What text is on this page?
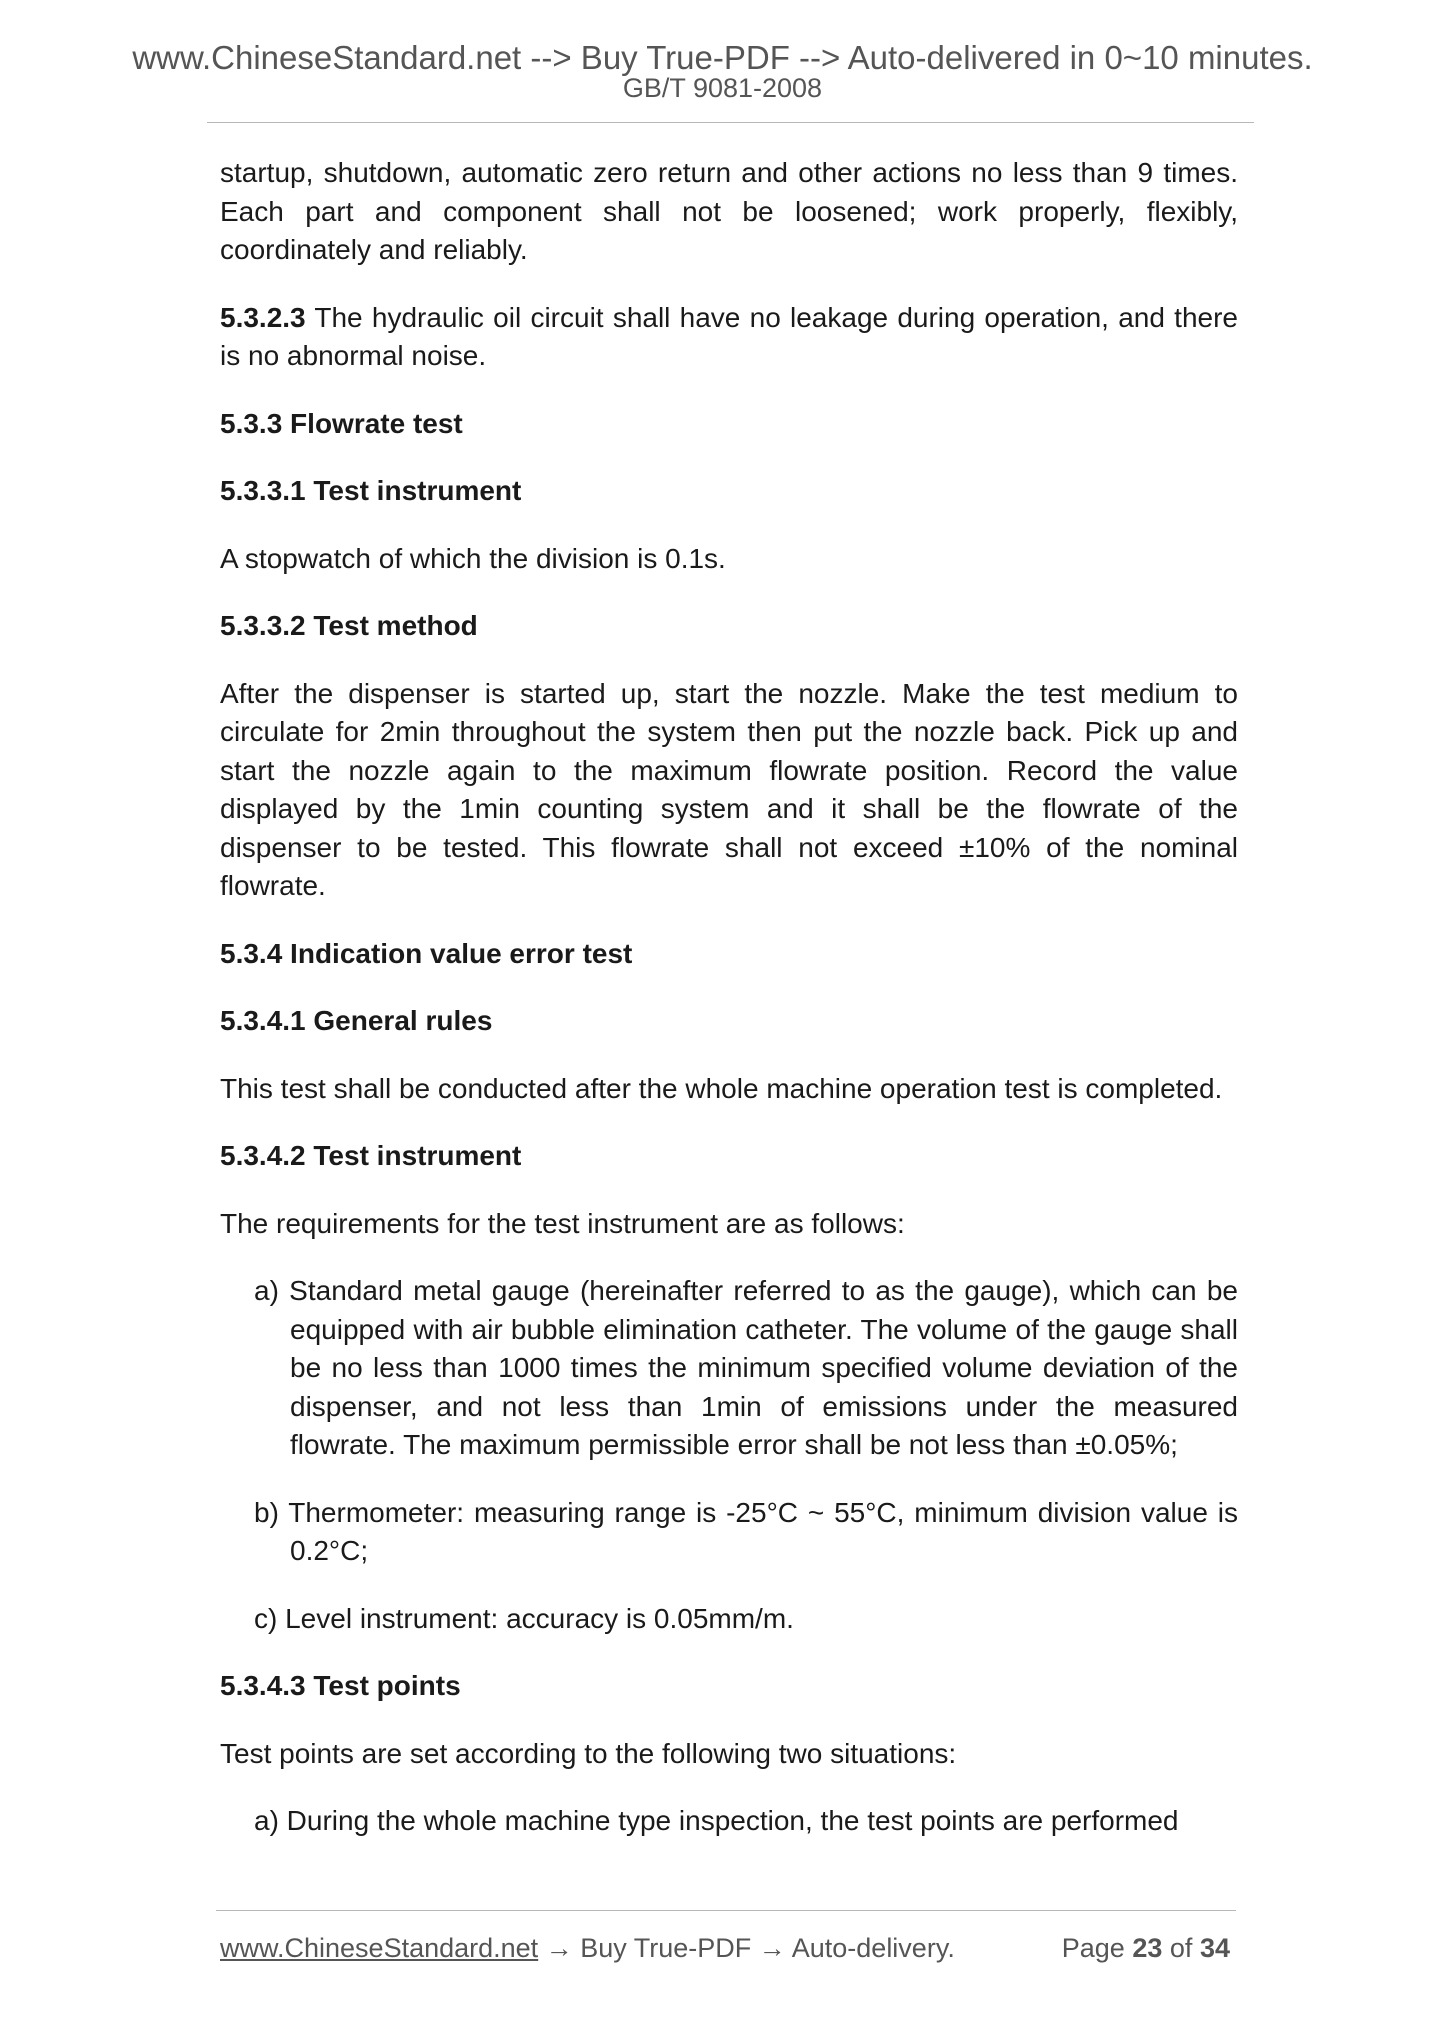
www.ChineseStandard.net --> Buy True-PDF --> Auto-delivered in 0~10 minutes.
GB/T 9081-2008

startup, shutdown, automatic zero return and other actions no less than 9 times. Each part and component shall not be loosened; work properly, flexibly, coordinately and reliably.

5.3.2.3 The hydraulic oil circuit shall have no leakage during operation, and there is no abnormal noise.

5.3.3 Flowrate test
5.3.3.1 Test instrument

A stopwatch of which the division is 0.1s.

5.3.3.2 Test method

After the dispenser is started up, start the nozzle. Make the test medium to circulate for 2min throughout the system then put the nozzle back. Pick up and start the nozzle again to the maximum flowrate position. Record the value displayed by the 1min counting system and it shall be the flowrate of the dispenser to be tested. This flowrate shall not exceed ±10% of the nominal flowrate.

5.3.4 Indication value error test
5.3.4.1 General rules

This test shall be conducted after the whole machine operation test is completed.

5.3.4.2 Test instrument

The requirements for the test instrument are as follows:

a) Standard metal gauge (hereinafter referred to as the gauge), which can be equipped with air bubble elimination catheter. The volume of the gauge shall be no less than 1000 times the minimum specified volume deviation of the dispenser, and not less than 1min of emissions under the measured flowrate. The maximum permissible error shall be not less than ±0.05%;

b) Thermometer: measuring range is -25°C ~ 55°C, minimum division value is 0.2°C;

c) Level instrument: accuracy is 0.05mm/m.

5.3.4.3 Test points

Test points are set according to the following two situations:

a) During the whole machine type inspection, the test points are performed

www.ChineseStandard.net → Buy True-PDF → Auto-delivery.	Page 23 of 34
